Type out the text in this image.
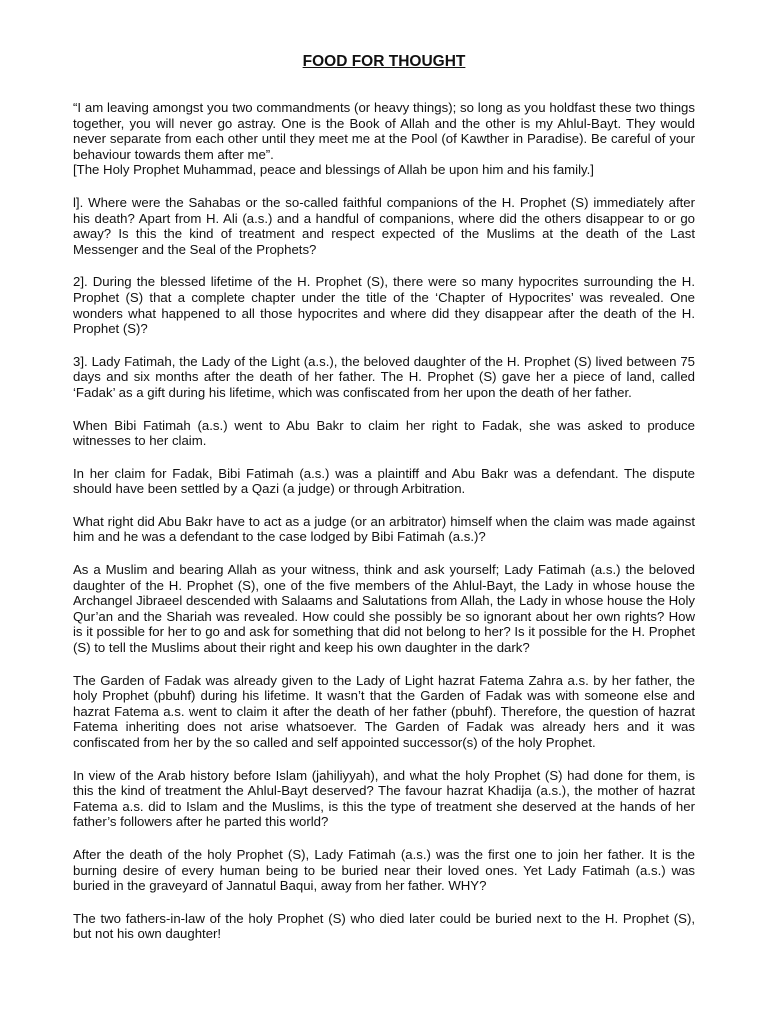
FOOD FOR THOUGHT

“I am leaving amongst you two commandments (or heavy things); so long as you holdfast these two things together, you will never go astray. One is the Book of Allah and the other is my Ahlul-Bayt. They would never separate from each other until they meet me at the Pool (of Kawther in Paradise). Be careful of your behaviour towards them after me”.

[The Holy Prophet Muhammad, peace and blessings of Allah be upon him and his family.]

l]. Where were the Sahabas or the so-called faithful companions of the H. Prophet (S) immediately after his death? Apart from H. Ali (a.s.) and a handful of companions, where did the others disappear to or go away? Is this the kind of treatment and respect expected of the Muslims at the death of the Last Messenger and the Seal of the Prophets?

2]. During the blessed lifetime of the H. Prophet (S), there were so many hypocrites surrounding the H. Prophet (S) that a complete chapter under the title of the ‘Chapter of Hypocrites’ was revealed. One wonders what happened to all those hypocrites and where did they disappear after the death of the H. Prophet (S)?

3]. Lady Fatimah, the Lady of the Light (a.s.), the beloved daughter of the H. Prophet (S) lived between 75 days and six months after the death of her father. The H. Prophet (S) gave her a piece of land, called ‘Fadak’ as a gift during his lifetime, which was confiscated from her upon the death of her father.

When Bibi Fatimah (a.s.) went to Abu Bakr to claim her right to Fadak, she was asked to produce witnesses to her claim.

In her claim for Fadak, Bibi Fatimah (a.s.) was a plaintiff and Abu Bakr was a defendant. The dispute should have been settled by a Qazi (a judge) or through Arbitration.

What right did Abu Bakr have to act as a judge (or an arbitrator) himself when the claim was made against him and he was a defendant to the case lodged by Bibi Fatimah (a.s.)?

As a Muslim and bearing Allah as your witness, think and ask yourself; Lady Fatimah (a.s.) the beloved daughter of the H. Prophet (S), one of the five members of the Ahlul-Bayt, the Lady in whose house the Archangel Jibraeel descended with Salaams and Salutations from Allah, the Lady in whose house the Holy Qur’an and the Shariah was revealed. How could she possibly be so ignorant about her own rights? How is it possible for her to go and ask for something that did not belong to her? Is it possible for the H. Prophet (S) to tell the Muslims about their right and keep his own daughter in the dark?

The Garden of Fadak was already given to the Lady of Light hazrat Fatema Zahra a.s. by her father, the holy Prophet (pbuhf) during his lifetime. It wasn’t that the Garden of Fadak was with someone else and hazrat Fatema a.s. went to claim it after the death of her father (pbuhf). Therefore, the question of hazrat Fatema inheriting does not arise whatsoever. The Garden of Fadak was already hers and it was confiscated from her by the so called and self appointed successor(s) of the holy Prophet.

In view of the Arab history before Islam (jahiliyyah), and what the holy Prophet (S) had done for them, is this the kind of treatment the Ahlul-Bayt deserved? The favour hazrat Khadija (a.s.), the mother of hazrat Fatema a.s. did to Islam and the Muslims, is this the type of treatment she deserved at the hands of her father’s followers after he parted this world?

After the death of the holy Prophet (S), Lady Fatimah (a.s.) was the first one to join her father. It is the burning desire of every human being to be buried near their loved ones. Yet Lady Fatimah (a.s.) was buried in the graveyard of Jannatul Baqui, away from her father. WHY?

The two fathers-in-law of the holy Prophet (S) who died later could be buried next to the H. Prophet (S), but not his own daughter!
